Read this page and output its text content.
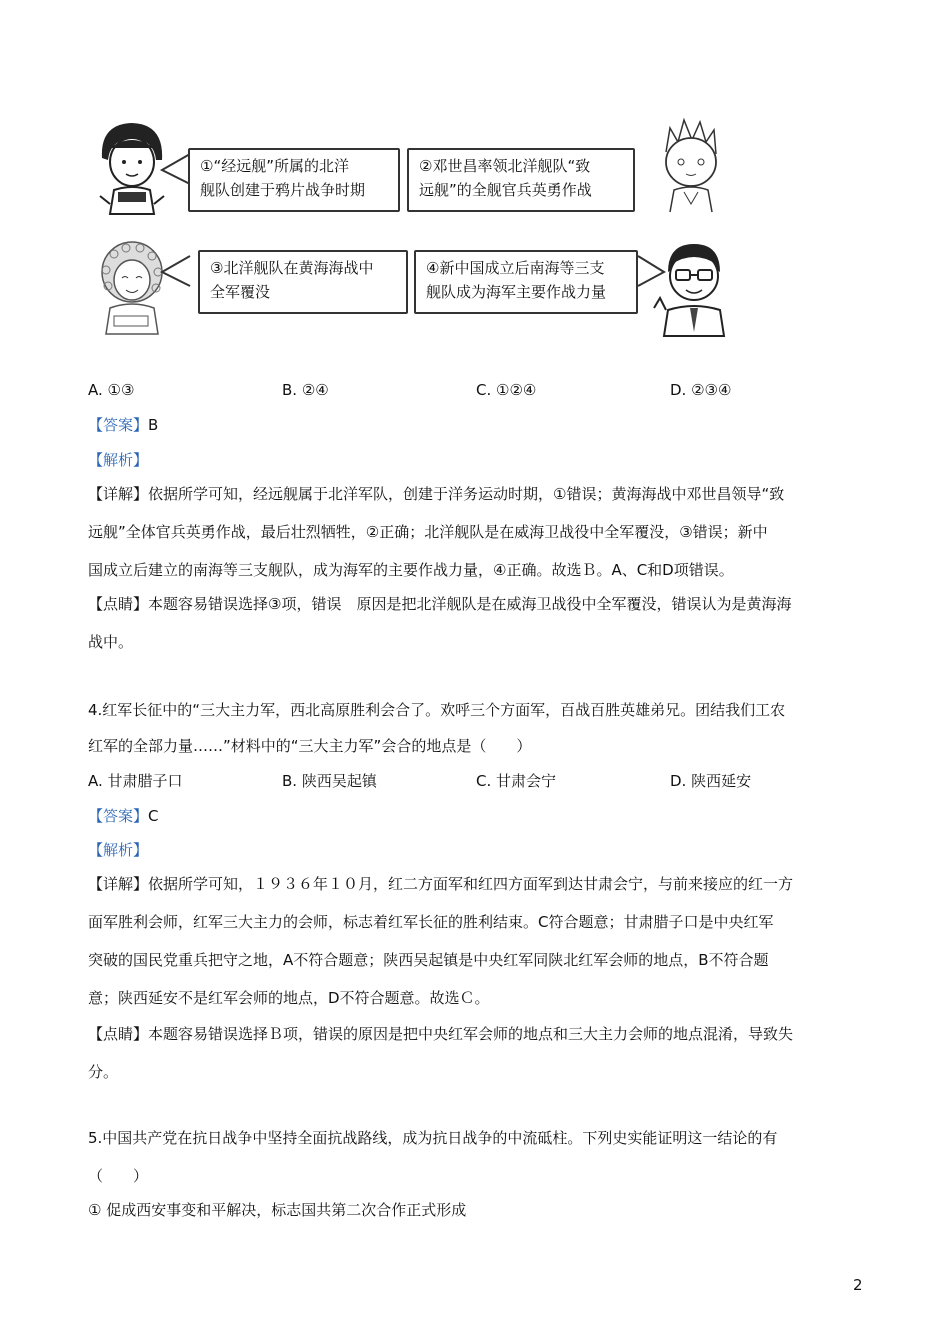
①“经远舰”所属的北洋
舰队创建于鸦片战争时期
②邓世昌率领北洋舰队“致
远舰”的全舰官兵英勇作战
③北洋舰队在黄海海战中
全军覆没
④新中国成立后南海等三支
舰队成为海军主要作战力量
A. ①③	B. ②④	C. ①②④	D. ②③④
【答案】B
【解析】
【详解】依据所学可知，经远舰属于北洋军队，创建于洋务运动时期，①错误；黄海海战中邓世昌领导“致
远舰”全体官兵英勇作战，最后壮烈牺牲，②正确；北洋舰队是在威海卫战役中全军覆没，③错误；新中
国成立后建立的南海等三支舰队，成为海军的主要作战力量，④正确。故选Ｂ。A、C和D项错误。
【点睛】本题容易错误选择③项，错误　原因是把北洋舰队是在威海卫战役中全军覆没，错误认为是黄海海
战中。
4.红军长征中的“三大主力军，西北高原胜利会合了。欢呼三个方面军，百战百胜英雄弟兄。团结我们工农
红军的全部力量……”材料中的“三大主力军”会合的地点是（　　）
A. 甘肃腊子口	B. 陕西吴起镇	C. 甘肃会宁	D. 陕西延安
【答案】C
【解析】
【详解】依据所学可知，１９３６年１０月，红二方面军和红四方面军到达甘肃会宁，与前来接应的红一方
面军胜利会师，红军三大主力的会师，标志着红军长征的胜利结束。C符合题意；甘肃腊子口是中央红军
突破的国民党重兵把守之地，A不符合题意；陕西吴起镇是中央红军同陕北红军会师的地点，B不符合题
意；陕西延安不是红军会师的地点，D不符合题意。故选Ｃ。
【点睛】本题容易错误选择Ｂ项，错误的原因是把中央红军会师的地点和三大主力会师的地点混淆，导致失
分。
5.中国共产党在抗日战争中坚持全面抗战路线，成为抗日战争的中流砥柱。下列史实能证明这一结论的有
（　　）
① 促成西安事变和平解决，标志国共第二次合作正式形成
2
